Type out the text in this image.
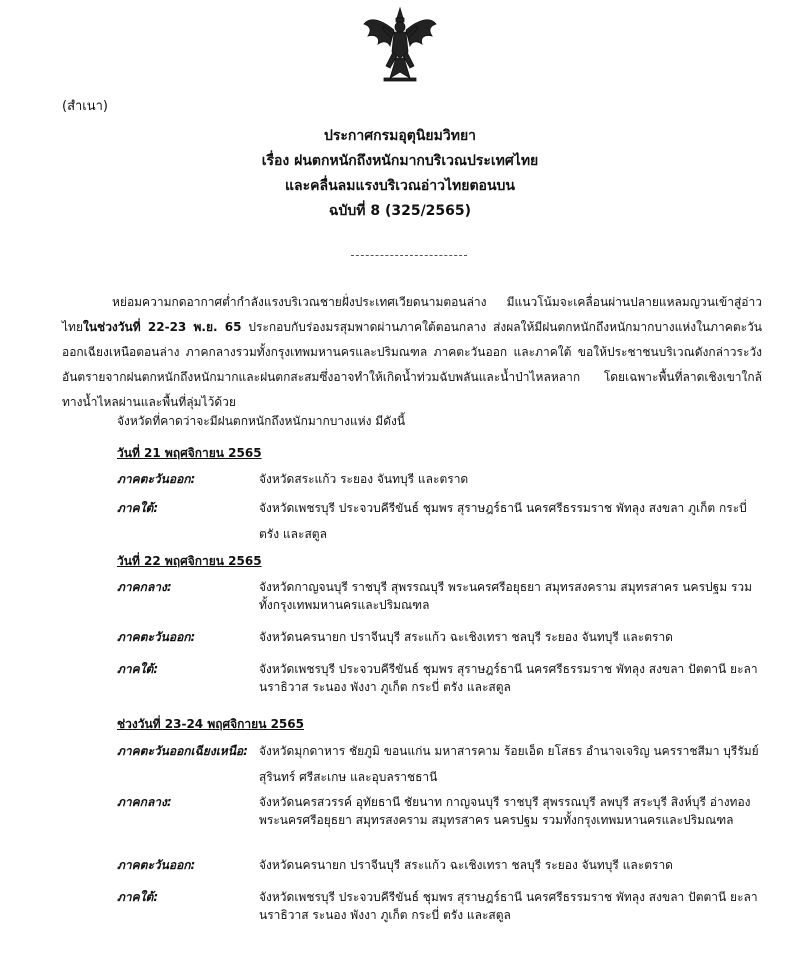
(สำเนา)
ประกาศกรมอุตุนิยมวิทยา
เรื่อง ฝนตกหนักถึงหนักมากบริเวณประเทศไทย
และคลื่นลมแรงบริเวณอ่าวไทยตอนบน
ฉบับที่ 8 (325/2565)
หย่อมความกดอากาศต่ำกำลังแรงบริเวณชายฝั่งประเทศเวียดนามตอนล่าง มีแนวโน้มจะเคลื่อนผ่านปลายแหลมญวนเข้าสู่อ่าวไทยในช่วงวันที่ 22-23 พ.ย. 65 ประกอบกับร่องมรสุมพาดผ่านภาคใต้ตอนกลาง ส่งผลให้มีฝนตกหนักถึงหนักมากบางแห่งในภาคตะวันออกเฉียงเหนือตอนล่าง ภาคกลางรวมทั้งกรุงเทพมหานครและปริมณฑล ภาคตะวันออก และภาคใต้ ขอให้ประชาชนบริเวณดังกล่าวระวังอันตรายจากฝนตกหนักถึงหนักมากและฝนตกสะสมซึ่งอาจทำให้เกิดน้ำท่วมฉับพลันและน้ำป่าไหลหลาก โดยเฉพาะพื้นที่ลาดเชิงเขาใกล้ทางน้ำไหลผ่านและพื้นที่ลุ่มไว้ด้วย
จังหวัดที่คาดว่าจะมีฝนตกหนักถึงหนักมากบางแห่ง มีดังนี้
วันที่ 21 พฤศจิกายน 2565
ภาคตะวันออก:	จังหวัดสระแก้ว ระยอง จันทบุรี และตราด
ภาคใต้:	จังหวัดเพชรบุรี ประจวบคีรีขันธ์ ชุมพร สุราษฎร์ธานี นครศรีธรรมราช พัทลุง สงขลา ภูเก็ต กระบี่ ตรัง และสตูล
วันที่ 22 พฤศจิกายน 2565
ภาคกลาง:	จังหวัดกาญจนบุรี ราชบุรี สุพรรณบุรี พระนครศรีอยุธยา สมุทรสงคราม สมุทรสาคร นครปฐม รวมทั้งกรุงเทพมหานครและปริมณฑล
ภาคตะวันออก:	จังหวัดนครนายก ปราจีนบุรี สระแก้ว ฉะเชิงเทรา ชลบุรี ระยอง จันทบุรี และตราด
ภาคใต้:	จังหวัดเพชรบุรี ประจวบคีรีขันธ์ ชุมพร สุราษฎร์ธานี นครศรีธรรมราช พัทลุง สงขลา ปัตตานี ยะลา นราธิวาส ระนอง พังงา ภูเก็ต กระบี่ ตรัง และสตูล
ช่วงวันที่ 23-24 พฤศจิกายน 2565
ภาคตะวันออกเฉียงเหนือ: จังหวัดมุกดาหาร ชัยภูมิ ขอนแก่น มหาสารคาม ร้อยเอ็ด ยโสธร อำนาจเจริญ นครราชสีมา บุรีรัมย์ สุรินทร์ ศรีสะเกษ และอุบลราชธานี
ภาคกลาง:	จังหวัดนครสวรรค์ อุทัยธานี ชัยนาท กาญจนบุรี ราชบุรี สุพรรณบุรี ลพบุรี สระบุรี สิงห์บุรี อ่างทอง พระนครศรีอยุธยา สมุทรสงคราม สมุทรสาคร นครปฐม รวมทั้งกรุงเทพมหานครและปริมณฑล
ภาคตะวันออก:	จังหวัดนครนายก ปราจีนบุรี สระแก้ว ฉะเชิงเทรา ชลบุรี ระยอง จันทบุรี และตราด
ภาคใต้:	จังหวัดเพชรบุรี ประจวบคีรีขันธ์ ชุมพร สุราษฎร์ธานี นครศรีธรรมราช พัทลุง สงขลา ปัตตานี ยะลา นราธิวาส ระนอง พังงา ภูเก็ต กระบี่ ตรัง และสตูล
